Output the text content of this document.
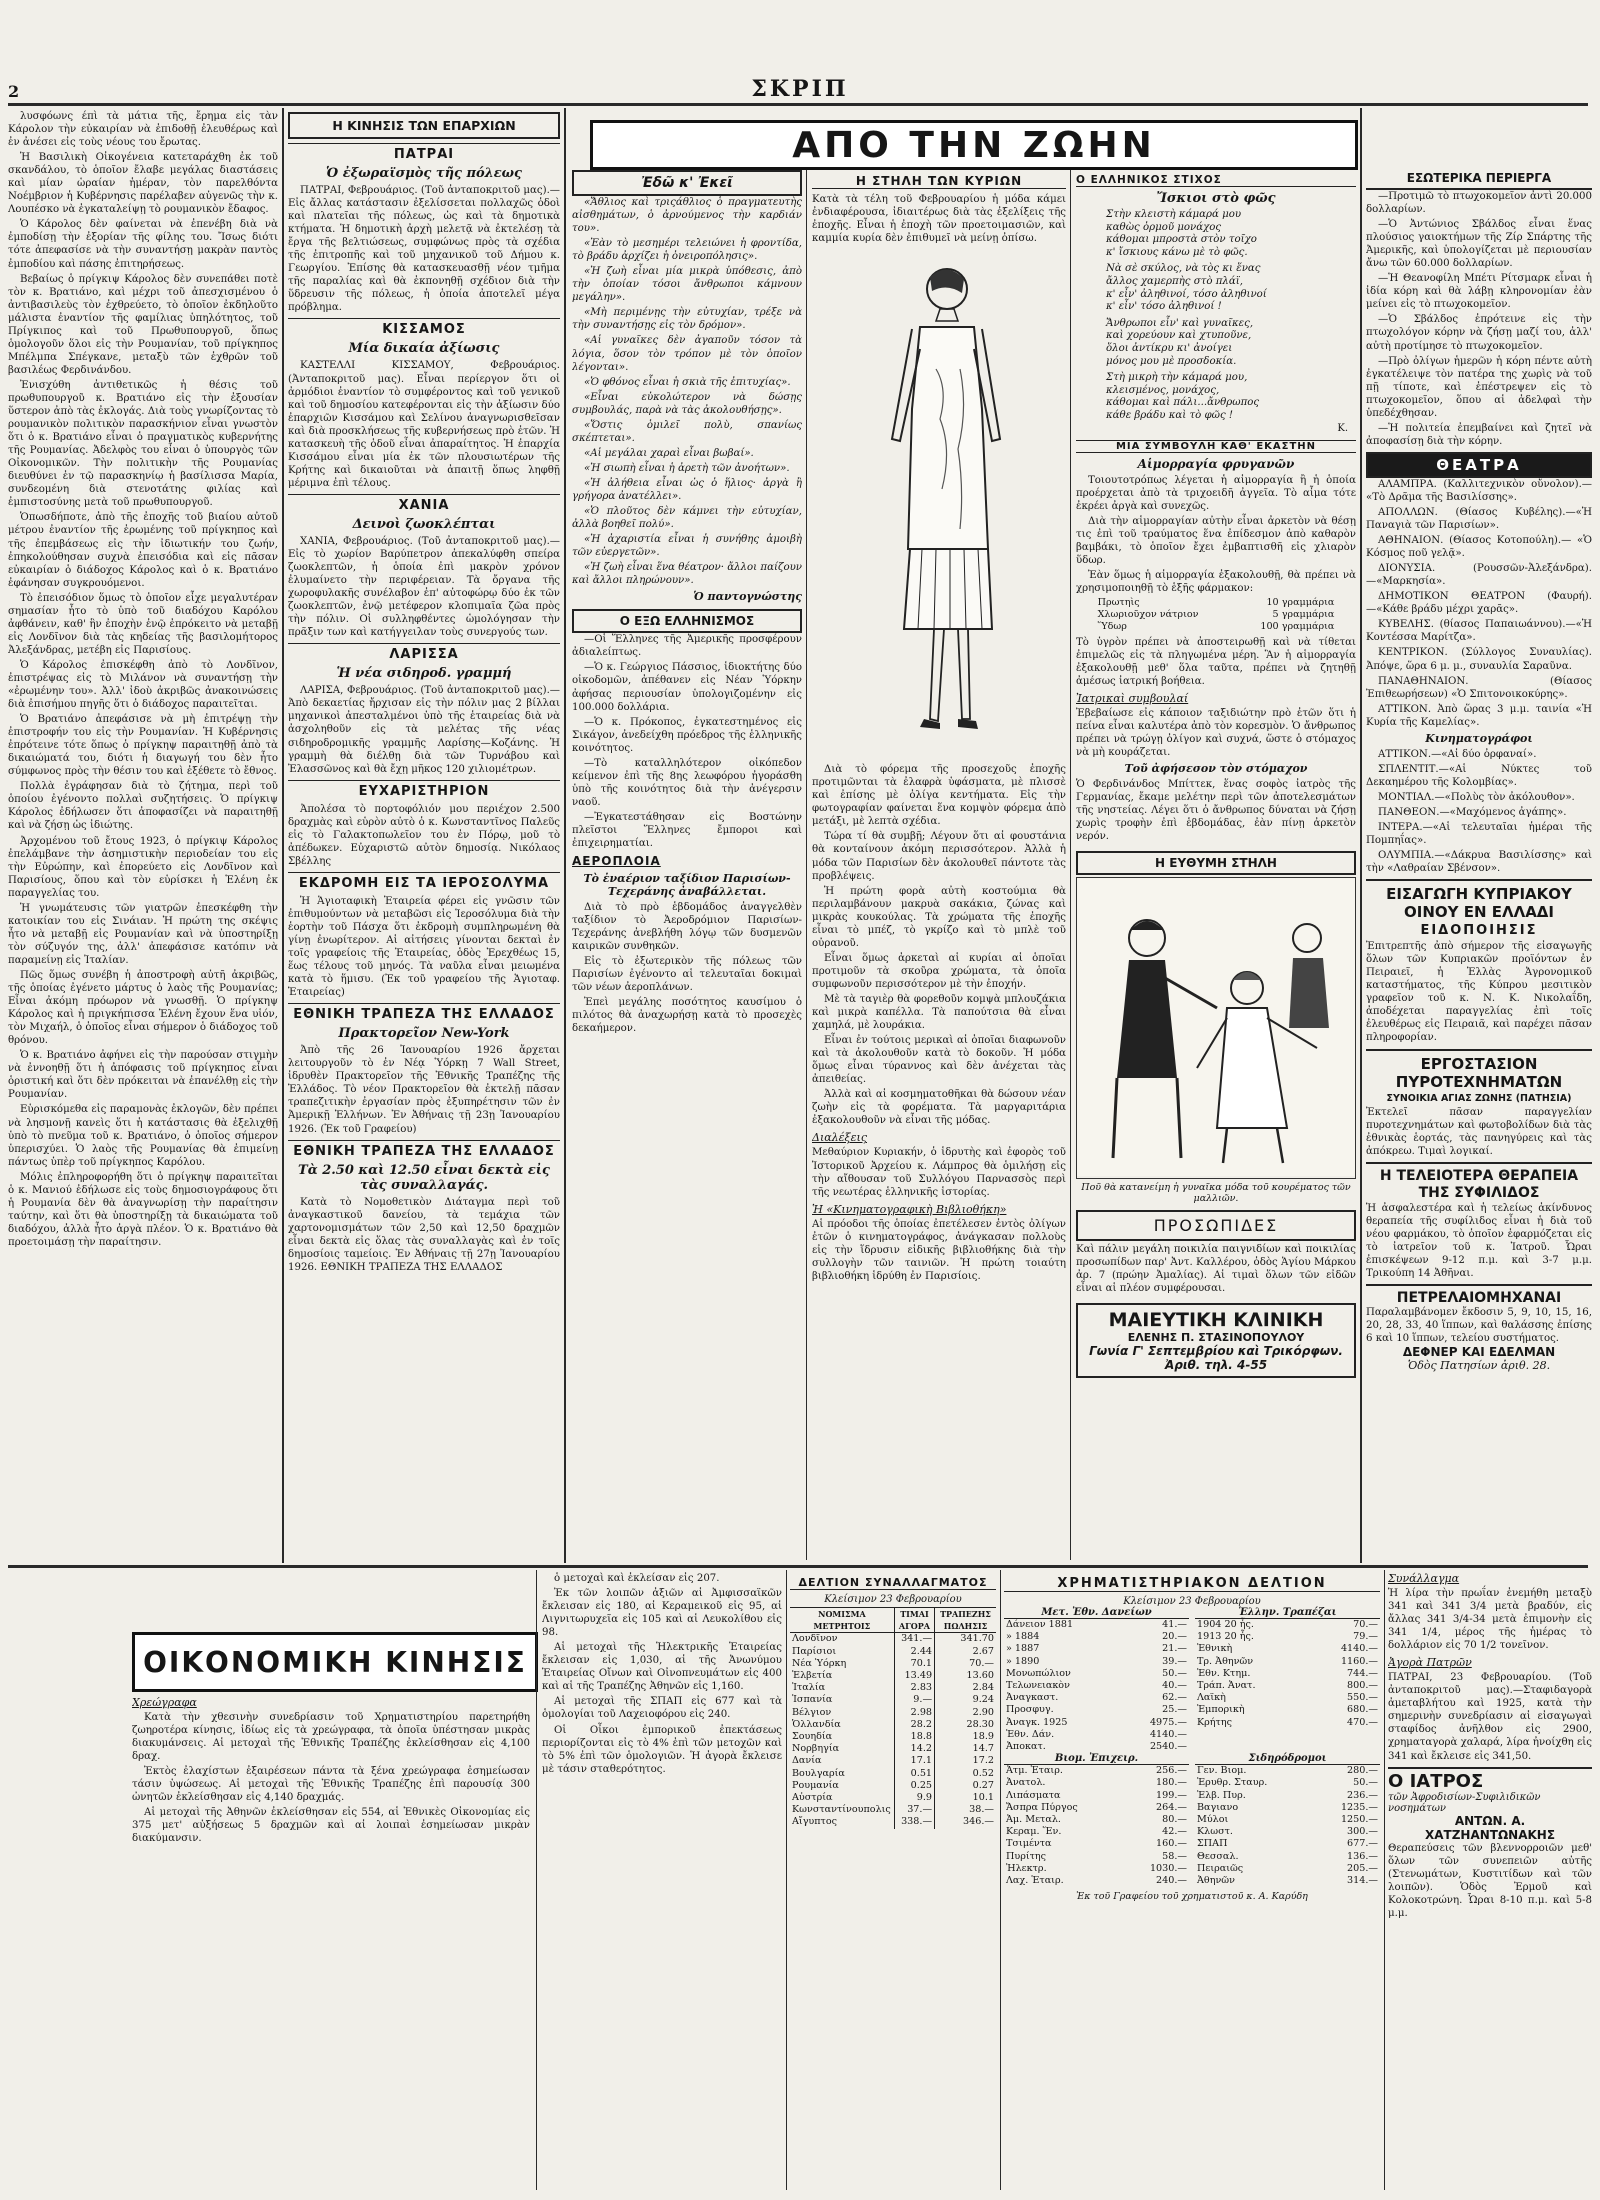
2	ΣΚΡΙΠ

λυσφόωνς έπὶ τὰ μάτια τῆς, ἔρημα εἰς τὰν Κάρολον τὴν εὐκαιρίαν νὰ ἐπιδοθῇ ἐλευθέρως καὶ ἐν ἀνέσει εἰς τοὺς νέους του ἔρωτας.

Ἡ Βασιλικὴ Οἰκογένεια κατεταράχθη ἐκ τοῦ σκανδάλου, τὸ ὁποῖον ἔλαβε μεγάλας διαστάσεις καὶ μίαν ὡραίαν ἡμέραν, τὸν παρελθόντα Νοέμβριον ἡ Κυβέρνησις παρέλαβεν αὐγενῶς τὴν κ. Λουπέσκο νὰ ἐγκαταλείψῃ τὸ ρουμανικὸν ἔδαφος.

Ὁ Κάρολος δὲν φαίνεται νὰ ἐπενέβη διὰ νὰ ἐμποδίσῃ τὴν ἐξορίαν τῆς φίλης του. Ἴσως διότι τότε ἀπεφασίσε νὰ τὴν συναντήσῃ μακρὰν παντὸς ἐμποδίου καὶ πάσης ἐπιτηρήσεως.

Βεβαίως ὁ πρίγκιψ Κάρολος δὲν συνεπάθει ποτὲ τὸν κ. Βρατιάνο, καὶ μέχρι τοῦ ἀπεσχισμένου ὁ ἀντιβασιλεὺς τὸν ἐχθρεύετο, τὸ ὁποῖον ἐκδηλοῦτο μάλιστα ἐναντίον τῆς φαμίλιας ὑπηλότητος, τοῦ Πρίγκιπος καὶ τοῦ Πρωθυπουργοῦ, ὅπως ὁμολογοῦν ὅλοι εἰς τὴν Ρουμανίαν, τοῦ πρίγκηπος Μπέλμπα Σπέγκανε, μεταξὺ τῶν ἐχθρῶν τοῦ βασιλέως Φερδινάνδου.

Ἐνισχύθη ἀντιθετικῶς ἡ θέσις τοῦ πρωθυπουργοῦ κ. Βρατιάνο εἰς τὴν ἐξουσίαν ὕστερον ἀπὸ τὰς ἐκλογάς. Διὰ τοὺς γνωρίζοντας τὸ ρουμανικὸν πολιτικὸν παρασκήνιον εἶναι γνωστὸν ὅτι ὁ κ. Βρατιάνο εἶναι ὁ πραγματικὸς κυβερνήτης τῆς Ρουμανίας. Ἀδελφὸς του εἶναι ὁ ὑπουργὸς τῶν Οἰκονομικῶν. Τὴν πολιτικὴν τῆς Ρουμανίας διευθύνει ἐν τῷ παρασκηνίῳ ἡ βασίλισσα Μαρία, συνδεομένη διὰ στενοτάτης φιλίας καὶ ἐμπιστοσύνης μετὰ τοῦ πρωθυπουργοῦ.

Ὁπωσδήποτε, ἀπὸ τῆς ἐποχῆς τοῦ βιαίου αὐτοῦ μέτρου ἐναντίον τῆς ἐρωμένης τοῦ πρίγκηπος καὶ τῆς ἐπεμβάσεως εἰς τὴν ἰδιωτικήν του ζωήν, ἐπηκολούθησαν συχνὰ ἐπεισόδια καὶ εἰς πᾶσαν εὐκαιρίαν ὁ διάδοχος Κάρολος καὶ ὁ κ. Βρατιάνο ἐφάνησαν συγκρουόμενοι.

Τὸ ἐπεισόδιον ὅμως τὸ ὁποῖον εἶχε μεγαλυτέραν σημασίαν ἦτο τὸ ὑπὸ τοῦ διαδόχου Καρόλου ἀφθάνειν, καθ' ἣν ἐποχὴν ἐνῷ ἐπρόκειτο νὰ μεταβῇ εἰς Λονδῖνον διὰ τὰς κηδείας τῆς βασιλομήτορος Ἀλεξάνδρας, μετέβη εἰς Παρισίους.

Ὁ Κάρολος ἐπισκέφθη ἀπὸ τὸ Λονδῖνον, ἐπιστρέψας εἰς τὸ Μιλάνον νὰ συναντήσῃ τὴν «ἐρωμένην του». Ἀλλ' ἰδοὺ ἀκριβῶς ἀνακοινώσεις διὰ ἐπισήμου πηγῆς ὅτι ὁ διάδοχος παραιτεῖται.

Ὁ Βρατιάνο ἀπεφάσισε νὰ μὴ ἐπιτρέψῃ τὴν ἐπιστροφήν του εἰς τὴν Ρουμανίαν. Ἡ Κυβέρνησις ἐπρότεινε τότε ὅπως ὁ πρίγκηψ παραιτηθῇ ἀπὸ τὰ δικαιώματά του, διότι ἡ διαγωγή του δὲν ἦτο σύμφωνος πρὸς τὴν θέσιν του καὶ ἐξέθετε τὸ ἔθνος.

Πολλὰ ἐγράφησαν διὰ τὸ ζήτημα, περὶ τοῦ ὁποίου ἐγένοντο πολλαὶ συζητήσεις. Ὁ πρίγκιψ Κάρολος ἐδήλωσεν ὅτι ἀποφασίζει νὰ παραιτηθῇ καὶ νὰ ζήσῃ ὡς ἰδιώτης.

Ἀρχομένου τοῦ ἔτους 1923, ὁ πρίγκιψ Κάρολος ἐπελάμβανε τὴν ἀσημιστικὴν περιοδείαν του εἰς τὴν Εὐρώπην, καὶ ἐπορεύετο εἰς Λονδῖνον καὶ Παρισίους, ὅπου καὶ τὸν εὑρίσκει ἡ Ἑλένη ἐκ παραγγελίας του.

Ἡ γνωμάτευσις τῶν γιατρῶν ἐπεσκέφθη τὴν κατοικίαν του εἰς Σινάιαν. Ἡ πρώτη της σκέψις ἦτο νὰ μεταβῇ εἰς Ρουμανίαν καὶ νὰ ὑποστηρίξῃ τὸν σύζυγόν της, ἀλλ' ἀπεφάσισε κατόπιν νὰ παραμείνῃ εἰς Ἰταλίαν.

Πῶς ὅμως συνέβη ἡ ἀποστροφὴ αὐτῆ ἀκριβῶς, τῆς ὁποίας ἐγένετο μάρτυς ὁ λαὸς τῆς Ρουμανίας; Εἶναι ἀκόμη πρόωρον νὰ γνωσθῇ. Ὁ πρίγκηψ Κάρολος καὶ ἡ πριγκήπισσα Ἑλένη ἔχουν ἕνα υἱόν, τὸν Μιχαήλ, ὁ ὁποῖος εἶναι σήμερον ὁ διάδοχος τοῦ θρόνου.

Ὁ κ. Βρατιάνο ἀφήνει εἰς τὴν παρούσαν στιγμὴν νὰ ἐννοηθῇ ὅτι ἡ ἀπόφασις τοῦ πρίγκηπος εἶναι ὁριστική καὶ ὅτι δὲν πρόκειται νὰ ἐπανέλθῃ εἰς τὴν Ρουμανίαν.

Εὑρισκόμεθα εἰς παραμονὰς ἐκλογῶν, δὲν πρέπει νὰ λησμονῇ κανεὶς ὅτι ἡ κατάστασις θὰ ἐξελιχθῇ ὑπὸ τὸ πνεῦμα τοῦ κ. Βρατιάνο, ὁ ὁποῖος σήμερον ὑπερισχύει. Ὁ λαὸς τῆς Ρουμανίας θὰ ἐπιμείνῃ πάντως ὑπὲρ τοῦ πρίγκηπος Καρόλου.

Μόλις ἐπληροφορήθη ὅτι ὁ πρίγκηψ παραιτεῖται ὁ κ. Μανιού ἐδήλωσε εἰς τοὺς δημοσιογράφους ὅτι ἡ Ρουμανία δὲν θὰ ἀναγνωρίσῃ τὴν παραίτησιν ταύτην, καὶ ὅτι θὰ ὑποστηρίξῃ τὰ δικαιώματα τοῦ διαδόχου, ἀλλὰ ἦτο ἀργὰ πλέον. Ὁ κ. Βρατιάνο θὰ προετοιμάσῃ τὴν παραίτησιν.

Η ΚΙΝΗΣΙΣ ΤΩΝ ΕΠΑΡΧΙΩΝ
ΠΑΤΡΑΙ
Ὁ ἐξωραϊσμὸς τῆς πόλεως

ΠΑΤΡΑΙ, Φεβρουάριος. (Τοῦ ἀνταποκριτοῦ μας).—Εἰς ἄλλας κατάστασιν ἐξελίσσεται πολλαχῶς ὁδοὶ καὶ πλατεῖαι τῆς πόλεως, ὡς καὶ τὰ δημοτικὰ κτήματα. Ἡ δημοτικὴ ἀρχὴ μελετᾷ νὰ ἐκτελέσῃ τὰ ἔργα τῆς βελτιώσεως, συμφώνως πρὸς τὰ σχέδια τῆς ἐπιτροπῆς καὶ τοῦ μηχανικοῦ τοῦ Δήμου κ. Γεωργίου. Ἐπίσης θὰ κατασκευασθῇ νέον τμῆμα τῆς παραλίας καὶ θὰ ἐκπονηθῇ σχέδιον διὰ τὴν ὕδρευσιν τῆς πόλεως, ἡ ὁποία ἀποτελεῖ μέγα πρόβλημα.

ΚΙΣΣΑΜΟΣ
Μία δικαία ἀξίωσις

ΚΑΣΤΕΛΛΙ ΚΙΣΣΑΜΟΥ, Φεβρουάριος. (Ἀνταποκριτοῦ μας). Εἶναι περίεργον ὅτι οἱ ἀρμόδιοι ἐναντίον τὸ συμφέροντος καὶ τοῦ γενικοῦ καὶ τοῦ δημοσίου κατεφέρονται εἰς τὴν ἀξίωσιν δύο ἐπαρχιῶν Κισσάμου καὶ Σελίνου ἀναγνωρισθεῖσαν καὶ διὰ προσκλήσεως τῆς κυβερνήσεως πρὸ ἐτῶν. Ἡ κατασκευὴ τῆς ὁδοῦ εἶναι ἀπαραίτητος. Ἡ ἐπαρχία Κισσάμου εἶναι μία ἐκ τῶν πλουσιωτέρων τῆς Κρήτης καὶ δικαιοῦται νὰ ἀπαιτῇ ὅπως ληφθῇ μέριμνα ἐπὶ τέλους.

ΧΑΝΙΑ
Δεινοὶ ζωοκλέπται

ΧΑΝΙΑ, Φεβρουάριος. (Τοῦ ἀνταποκριτοῦ μας).—Εἰς τὸ χωρίον Βαρύπετρον ἀπεκαλύφθη σπείρα ζωοκλεπτῶν, ἡ ὁποία ἐπὶ μακρὸν χρόνον ἐλυμαίνετο τὴν περιφέρειαν. Τὰ ὄργανα τῆς χωροφυλακῆς συνέλαβον ἐπ' αὐτοφώρῳ δύο ἐκ τῶν ζωοκλεπτῶν, ἐνῷ μετέφερον κλοπιμαῖα ζῶα πρὸς τὴν πόλιν. Οἱ συλληφθέντες ὡμολόγησαν τὴν πρᾶξιν των καὶ κατήγγειλαν τοὺς συνεργούς των.

ΛΑΡΙΣΣΑ
Ἡ νέα σιδηροδ. γραμμή

ΛΑΡΙΣΑ, Φεβρουάριος. (Τοῦ ἀνταποκριτοῦ μας).—Ἀπὸ δεκαετίας ἤρχισαν εἰς τὴν πόλιν μας 2 βίλλαι μηχανικοὶ ἀπεσταλμένοι ὑπὸ τῆς ἑταιρείας διὰ νὰ ἀσχοληθοῦν εἰς τὰ μελέτας τῆς νέας σιδηροδρομικῆς γραμμῆς Λαρίσης—Κοζάνης. Ἡ γραμμὴ θὰ διέλθῃ διὰ τῶν Τυρνάβου καὶ Ἐλασσῶνος καὶ θὰ ἔχῃ μῆκος 120 χιλιομέτρων.

ΕΥΧΑΡΙΣΤΗΡΙΟΝ

Ἀπολέσα τὸ πορτοφόλιόν μου περιέχον 2.500 δραχμὰς καὶ εὑρὸν αὐτὸ ὁ κ. Κωνσταντῖνος Παλεῦς εἰς τὸ Γαλακτοπωλεῖον του ἐν Πόρῳ, μοῦ τὸ ἀπέδωκεν. Εὐχαριστῶ αὐτὸν δημοσίᾳ. Νικόλαος Σβέλλης

ΕΚΔΡΟΜΗ ΕΙΣ ΤΑ ΙΕΡΟΣΟΛΥΜΑ

Ἡ Ἁγιοταφικὴ Ἑταιρεία φέρει εἰς γνῶσιν τῶν ἐπιθυμούντων νὰ μεταβῶσι εἰς Ἱεροσόλυμα διὰ τὴν ἑορτὴν τοῦ Πάσχα ὅτι ἐκδρομὴ συμπληρωμένη θὰ γίνῃ ἐνωρίτερον. Αἱ αἰτήσεις γίνονται δεκταὶ ἐν τοῖς γραφείοις τῆς Ἑταιρείας, ὁδὸς Ἐρεχθέως 15, ἕως τέλους τοῦ μηνός. Τὰ ναῦλα εἶναι μειωμένα κατὰ τὸ ἥμισυ. (Ἐκ τοῦ γραφείου τῆς Ἁγιοταφ. Ἑταιρείας)

ΕΘΝΙΚΗ ΤΡΑΠΕΖΑ ΤΗΣ ΕΛΛΑΔΟΣ
Πρακτορεῖον New-York

Ἀπὸ τῆς 26 Ἰανουαρίου 1926 ἄρχεται λειτουργοῦν τὸ ἐν Νέᾳ Ὑόρκῃ 7 Wall Street, ἱδρυθὲν Πρακτορεῖον τῆς Ἐθνικῆς Τραπέζης τῆς Ἑλλάδος. Τὸ νέον Πρακτορεῖον θὰ ἐκτελῇ πᾶσαν τραπεζιτικὴν ἐργασίαν πρὸς ἐξυπηρέτησιν τῶν ἐν Ἀμερικῇ Ἑλλήνων. Ἐν Ἀθήναις τῇ 23ῃ Ἰανουαρίου 1926. (Ἐκ τοῦ Γραφείου)

ΕΘΝΙΚΗ ΤΡΑΠΕΖΑ ΤΗΣ ΕΛΛΑΔΟΣ
Τὰ 2.50 καὶ 12.50 εἶναι δεκτὰ εἰς τὰς συναλλαγάς.

Κατὰ τὸ Νομοθετικὸν Διάταγμα περὶ τοῦ ἀναγκαστικοῦ δανείου, τὰ τεμάχια τῶν χαρτονομισμάτων τῶν 2,50 καὶ 12,50 δραχμῶν εἶναι δεκτὰ εἰς ὅλας τὰς συναλλαγὰς καὶ ἐν τοῖς δημοσίοις ταμείοις. Ἐν Ἀθήναις τῇ 27ῃ Ἰανουαρίου 1926. ΕΘΝΙΚΗ ΤΡΑΠΕΖΑ ΤΗΣ ΕΛΛΑΔΟΣ

Ἐδῶ κ' Ἐκεῖ

«Ἄθλιος καὶ τριςάθλιος ὁ πραγματευτὴς αἰσθημάτων, ὁ ἀρνούμενος τὴν καρδιάν του».

«Ἐὰν τὸ μεσημέρι τελειώνει ἡ φροντίδα, τὸ βράδυ ἀρχίζει ἡ ὀνειροπόλησις».

«Ἡ ζωὴ εἶναι μία μικρὰ ὑπόθεσις, ἀπὸ τὴν ὁποίαν τόσοι ἄνθρωποι κάμνουν μεγάλην».

«Μὴ περιμένῃς τὴν εὐτυχίαν, τρέξε νὰ τὴν συναντήσῃς εἰς τὸν δρόμον».

«Αἱ γυναῖκες δὲν ἀγαποῦν τόσον τὰ λόγια, ὅσον τὸν τρόπον μὲ τὸν ὁποῖον λέγονται».

«Ὁ φθόνος εἶναι ἡ σκιὰ τῆς ἐπιτυχίας».

«Εἶναι εὐκολώτερον νὰ δώσῃς συμβουλάς, παρὰ νὰ τὰς ἀκολουθήσῃς».

«Ὅστις ὁμιλεῖ πολὺ, σπανίως σκέπτεται».

«Αἱ μεγάλαι χαραὶ εἶναι βωβαί».

«Ἡ σιωπὴ εἶναι ἡ ἀρετὴ τῶν ἀνοήτων».

«Ἡ ἀλήθεια εἶναι ὡς ὁ ἥλιος· ἀργὰ ἢ γρήγορα ἀνατέλλει».

«Ὁ πλοῦτος δὲν κάμνει τὴν εὐτυχίαν, ἀλλὰ βοηθεῖ πολύ».

«Ἡ ἀχαριστία εἶναι ἡ συνήθης ἀμοιβὴ τῶν εὐεργετῶν».

«Ἡ ζωὴ εἶναι ἕνα θέατρον· ἄλλοι παίζουν καὶ ἄλλοι πληρώνουν».

Ὁ παντογνώστης
Ο ΕΞΩ ΕΛΛΗΝΙΣΜΟΣ

—Οἱ Ἕλληνες τῆς Ἀμερικῆς προσφέρουν ἀδιαλείπτως.

—Ὁ κ. Γεώργιος Πάσσιος, ἱδιοκτήτης δύο οἰκοδομῶν, ἀπέθανεν εἰς Νέαν Ὑόρκην ἀφήσας περιουσίαν ὑπολογιζομένην εἰς 100.000 δολλάρια.

—Ὁ κ. Πρόκοπος, ἐγκατεστημένος εἰς Σικάγον, ἀνεδείχθη πρόεδρος τῆς ἑλληνικῆς κοινότητος.

—Τὸ καταλληλότερον οἰκόπεδον κείμενον ἐπὶ τῆς 8ης λεωφόρου ἠγοράσθη ὑπὸ τῆς κοινότητος διὰ τὴν ἀνέγερσιν ναοῦ.

—Ἐγκατεστάθησαν εἰς Βοστώνην πλεῖστοι Ἕλληνες ἔμποροι καὶ ἐπιχειρηματίαι.

ΑΕΡΟΠΛΟΙΑ
Τὸ ἐναέριον ταξίδιον Παρισίων-Τεχεράνης ἀναβάλλεται.

Διὰ τὸ πρὸ ἑβδομάδος ἀναγγελθὲν ταξίδιον τὸ Ἀεροδρόμιον Παρισίων-Τεχεράνης ἀνεβλήθη λόγῳ τῶν δυσμενῶν καιρικῶν συνθηκῶν.

Εἰς τὸ ἐξωτερικὸν τῆς πόλεως τῶν Παρισίων ἐγένοντο αἱ τελευταῖαι δοκιμαὶ τῶν νέων ἀεροπλάνων.

Ἐπεὶ μεγάλης ποσότητος καυσίμου ὁ πιλότος θὰ ἀναχωρήσῃ κατὰ τὸ προσεχὲς δεκαήμερον.

ΑΠΟ ΤΗΝ ΖΩΗΝ
Η ΣΤΗΛΗ ΤΩΝ ΚΥΡΙΩΝ
Κατὰ τὰ τέλη τοῦ Φεβρουαρίου ἡ μόδα κάμει ἐνδιαφέρουσα, ἰδιαιτέρως διὰ τὰς ἐξελίξεις τῆς ἐποχῆς. Εἶναι ἡ ἐποχὴ τῶν προετοιμασιῶν, καὶ καμμία κυρία δὲν ἐπιθυμεῖ νὰ μείνῃ ὀπίσω.

Διὰ τὸ φόρεμα τῆς προσεχοῦς ἐποχῆς προτιμῶνται τὰ ἐλαφρὰ ὑφάσματα, μὲ πλισσὲ καὶ ἐπίσης μὲ ὀλίγα κεντήματα. Εἰς τὴν φωτογραφίαν φαίνεται ἕνα κομψὸν φόρεμα ἀπὸ μετάξι, μὲ λεπτὰ σχέδια.

Τώρα τί θὰ συμβῇ; Λέγουν ὅτι αἱ φουστάνια θὰ κονταίνουν ἀκόμη περισσότερον. Ἀλλὰ ἡ μόδα τῶν Παρισίων δὲν ἀκολουθεῖ πάντοτε τὰς προβλέψεις.

Ἡ πρώτη φορὰ αὐτὴ κοστούμια θὰ περιλαμβάνουν μακρυὰ σακάκια, ζώνας καὶ μικρὰς κουκούλας. Τὰ χρώματα τῆς ἐποχῆς εἶναι τὸ μπέζ, τὸ γκρίζο καὶ τὸ μπλὲ τοῦ οὐρανοῦ.

Εἶναι ὅμως ἀρκεταὶ αἱ κυρίαι αἱ ὁποῖαι προτιμοῦν τὰ σκοῦρα χρώματα, τὰ ὁποῖα συμφωνοῦν περισσότερον μὲ τὴν ἐποχήν.

Μὲ τὰ ταγιὲρ θὰ φορεθοῦν κομψὰ μπλουζάκια καὶ μικρὰ καπέλλα. Τὰ παπούτσια θὰ εἶναι χαμηλά, μὲ λουράκια.

Εἶναι ἐν τούτοις μερικαὶ αἱ ὁποῖαι διαφωνοῦν καὶ τὰ ἀκολουθοῦν κατὰ τὸ δοκοῦν. Ἡ μόδα ὅμως εἶναι τύραννος καὶ δὲν ἀνέχεται τὰς ἀπειθείας.

Ἀλλὰ καὶ αἱ κοσμηματοθῆκαι θὰ δώσουν νέαν ζωὴν εἰς τὰ φορέματα. Τὰ μαργαριτάρια ἐξακολουθοῦν νὰ εἶναι τῆς μόδας.

Διαλέξεις
Μεθαύριον Κυριακήν, ὁ ἱδρυτὴς καὶ ἐφορὸς τοῦ Ἱστορικοῦ Ἀρχείου κ. Λάμπρος θὰ ὁμιλήσῃ εἰς τὴν αἴθουσαν τοῦ Συλλόγου Παρνασσὸς περὶ τῆς νεωτέρας ἑλληνικῆς ἱστορίας.
Ἡ «Κινηματογραφικὴ Βιβλιοθήκη»
Αἱ πρόοδοι τῆς ὁποίας ἐπετέλεσεν ἐντὸς ὀλίγων ἐτῶν ὁ κινηματογράφος, ἀνάγκασαν πολλοὺς εἰς τὴν ἵδρυσιν εἰδικῆς βιβλιοθήκης διὰ τὴν συλλογὴν τῶν ταινιῶν. Ἡ πρώτη τοιαύτη βιβλιοθήκη ἱδρύθη ἐν Παρισίοις.
Ο ΕΛΛΗΝΙΚΟΣ ΣΤΙΧΟΣ
Ἴσκιοι στὸ φῶς
Στὴν κλειστὴ κάμαρά μου
καθὼς ὁρμοῦ μονάχος
κάθομαι μπροστὰ στὸν τοῖχο
κ' ἴσκιους κάνω μὲ τὸ φῶς.
Νὰ σὲ σκύλος, νὰ τὸς κι ἕνας
ἄλλος χαμερπὴς στὸ πλάϊ,
κ' εἶν' ἀληθινοί, τόσο ἀληθινοί
κ' εἶν' τόσο ἀληθινοί !
Ἄνθρωποι εἶν' καὶ γυναῖκες,
καὶ χορεύουν καὶ χτυποῦνε,
ὅλοι ἀντίκρυ κι' ἀνοίγει
μόνος μου μὲ προσδοκία.
Στὴ μικρὴ τὴν κάμαρά μου,
κλεισμένος, μονάχος,
κάθομαι καὶ πάλι...ἄνθρωπος
κάθε βράδυ καὶ τὸ φῶς !
Κ.
ΜΙΑ ΣΥΜΒΟΥΛΗ ΚΑΘ' ΕΚΑΣΤΗΝ
Αἱμορραγία φρυγανῶν

Τοιουτοτρόπως λέγεται ἡ αἱμορραγία ἢ ἡ ὁποία προέρχεται ἀπὸ τὰ τριχοειδῆ ἀγγεῖα. Τὸ αἷμα τότε ἐκρέει ἀργὰ καὶ συνεχῶς.

Διὰ τὴν αἱμορραγίαν αὐτὴν εἶναι ἀρκετὸν νὰ θέσῃ τις ἐπὶ τοῦ τραύματος ἕνα ἐπίδεσμον ἀπὸ καθαρὸν βαμβάκι, τὸ ὁποῖον ἔχει ἐμβαπτισθῆ εἰς χλιαρὸν ὕδωρ.

Ἐὰν ὅμως ἡ αἱμορραγία ἐξακολουθῇ, θὰ πρέπει νὰ χρησιμοποιηθῇ τὸ ἑξῆς φάρμακον:

Πρωτηὶς	10 γραμμάρια
Χλωριοῦχον νάτριον	5 γραμμάρια
Ὕδωρ	100 γραμμάρια
Τὸ ὑγρὸν πρέπει νὰ ἀποστειρωθῇ καὶ νὰ τίθεται ἐπιμελῶς εἰς τὰ πληγωμένα μέρη. Ἂν ἡ αἱμορραγία ἐξακολουθῇ μεθ' ὅλα ταῦτα, πρέπει νὰ ζητηθῇ ἀμέσως ἰατρική βοήθεια.
Ἰατρικαὶ συμβουλαί
Ἐβεβαίωσε εἰς κάποιον ταξιδιώτην πρὸ ἐτῶν ὅτι ἡ πείνα εἶναι καλυτέρα ἀπὸ τὸν κορεσμὸν. Ὁ ἄνθρωπος πρέπει νὰ τρώγῃ ὀλίγον καὶ συχνά, ὥστε ὁ στόμαχος νὰ μὴ κουράζεται.
Τοῦ ἀφήσεσον τὸν στόμαχον
Ὁ Φερδινάνδος Μπίττεκ, ἕνας σοφὸς ἰατρὸς τῆς Γερμανίας, ἔκαμε μελέτην περὶ τῶν ἀποτελεσμάτων τῆς νηστείας. Λέγει ὅτι ὁ ἄνθρωπος δύναται νὰ ζήσῃ χωρὶς τροφὴν ἐπὶ ἑβδομάδας, ἐὰν πίνῃ ἀρκετὸν νερόν.
Η ΕΥΘΥΜΗ ΣΤΗΛΗ
Ποῦ θὰ κατανείμη ἡ γυναῖκα μόδα τοῦ κουρέματος τῶν μαλλιῶν.
ΠΡΟΣΩΠΙΔΕΣ
Καὶ πάλιν μεγάλη ποικιλία παιγνιδίων καὶ ποικιλίας προσωπίδων παρ' Ἀντ. Καλλέρου, ὁδὸς Ἁγίου Μάρκου ἀρ. 7 (πρώην Ἀμαλίας). Αἱ τιμαὶ ὅλων τῶν εἰδῶν εἶναι αἱ πλέον συμφέρουσαι.
ΜΑΙΕΥΤΙΚΗ ΚΛΙΝΙΚΗ
ΕΛΕΝΗΣ Π. ΣΤΑΣΙΝΟΠΟΥΛΟΥ
Γωνία Γ' Σεπτεμβρίου καὶ Τρικόρφων. Ἀριθ. τηλ. 4-55
ΕΣΩΤΕΡΙΚΑ ΠΕΡΙΕΡΓΑ

—Προτιμῶ τὸ πτωχοκομεῖον ἀντὶ 20.000 δολλαρίων.

—Ὁ Ἀντώνιος Σβάλδος εἶναι ἕνας πλούσιος γαιοκτήμων τῆς Ζίρ Σπάρτης τῆς Ἀμερικῆς, καὶ ὑπολογίζεται μὲ περιουσίαν ἄνω τῶν 60.000 δολλαρίων.

—Ἡ Θεανοφίλη Μπέτι Ρίτσμαρκ εἶναι ἡ ἰδία κόρη καὶ θὰ λάβῃ κληρονομίαν ἐὰν μείνει εἰς τὸ πτωχοκομεῖον.

—Ὁ Σβάλδος ἐπρότεινε εἰς τὴν πτωχολόγον κόρην νὰ ζήσῃ μαζί του, ἀλλ' αὐτὴ προτίμησε τὸ πτωχοκομεῖον.

—Πρὸ ὀλίγων ἡμερῶν ἡ κόρη πέντε αὐτὴ ἐγκατέλειψε τὸν πατέρα της χωρὶς νὰ τοῦ πῇ τίποτε, καὶ ἐπέστρεψεν εἰς τὸ πτωχοκομεῖον, ὅπου αἱ ἀδελφαὶ τὴν ὑπεδέχθησαν.

—Ἡ πολιτεία ἐπεμβαίνει καὶ ζητεῖ νὰ ἀποφασίσῃ διὰ τὴν κόρην.

ΘΕΑΤΡΑ

ΑΛΑΜΠΡΑ. (Καλλιτεχνικὸν οὔνολον).— «Τὸ Δρᾶμα τῆς Βασιλίσσης».

ΑΠΟΛΛΩΝ. (Θίασος Κυβέλης).—«Ἡ Παναγιὰ τῶν Παρισίων».

ΑΘΗΝΑΙΟΝ. (Θίασος Κοτοπούλη).— «Ὁ Κόσμος ποῦ γελᾷ».

ΔΙΟΝΥΣΙΑ. (Ρουσσῶν-Ἀλεξάνδρα).—«Μαρκησία».

ΔΗΜΟΤΙΚΟΝ ΘΕΑΤΡΟΝ (Φαυρή).—«Κάθε βράδυ μέχρι χαρᾶς».

ΚΥΒΕΛΗΣ. (θίασος Παπαιωάννου).—«Ἡ Κοντέσσα Μαρίτζα».

ΚΕΝΤΡΙΚΟΝ. (Σύλλογος Συναυλίας). Ἀπόψε, ὥρα 6 μ. μ., συναυλία Σαραῦνα.

ΠΑΝΑΘΗΝΑΙΟΝ. (Θίασος Ἐπιθεωρήσεων) «Ὁ Σπιτονοικοκύρης».

ΑΤΤΙΚΟΝ. Ἀπὸ ὥρας 3 μ.μ. ταινία «Ἡ Κυρία τῆς Καμελίας».

Κινηματογράφοι

ΑΤΤΙΚΟΝ.—«Αἱ δύο ὀρφαναί».

ΣΠΛΕΝΤΙΤ.—«Αἱ Νύκτες τοῦ Δεκαημέρου τῆς Κολομβίας».

ΜΟΝΤΙΑΛ.—«Πολὺς τὸν ἀκόλουθον».

ΠΑΝΘΕΟΝ.—«Μαχόμενος ἀγάπης».

ΙΝΤΕΡΑ.—«Αἱ τελευταῖαι ἡμέραι τῆς Πομπηΐας».

ΟΛΥΜΠΙΑ.—«Δάκρυα Βασιλίσσης» καὶ τὴν «Λαθραίαν Σβένσον».

ΕΙΣΑΓΩΓΗ ΚΥΠΡΙΑΚΟΥ ΟΙΝΟΥ ΕΝ ΕΛΛΑΔΙ
ΕΙΔΟΠΟΙΗΣΙΣ
Ἐπιτρεπτῆς ἀπὸ σήμερον τῆς εἰσαγωγῆς ὅλων τῶν Κυπριακῶν προϊόντων ἐν Πειραιεῖ, ἡ Ἑλλὰς Ἀγρονομικοῦ καταστήματος, τῆς Κύπρου μεσιτικὸν γραφεῖον τοῦ κ. Ν. Κ. Νικολαΐδη, ἀποδέχεται παραγγελίας ἐπὶ τοῖς ἐλευθέρως εἰς Πειραιᾶ, καὶ παρέχει πᾶσαν πληροφορίαν.
ΕΡΓΟΣΤΑΣΙΟΝ ΠΥΡΟΤΕΧΝΗΜΑΤΩΝ
ΣΥΝΟΙΚΙΑ ΑΓΙΑΣ ΖΩΝΗΣ (ΠΑΤΗΣΙΑ)
Ἐκτελεῖ πᾶσαν παραγγελίαν πυροτεχνημάτων καὶ φωτοβολίδων διὰ τὰς ἐθνικὰς ἑορτάς, τὰς πανηγύρεις καὶ τὰς ἀπόκρεω. Τιμαὶ λογικαί.
Η ΤΕΛΕΙΟΤΕΡΑ ΘΕΡΑΠΕΙΑ ΤΗΣ ΣΥΦΙΛΙΔΟΣ
Ἡ ἀσφαλεστέρα καὶ ἡ τελείως ἀκίνδυνος θεραπεία τῆς συφίλιδος εἶναι ἡ διὰ τοῦ νέου φαρμάκου, τὸ ὁποῖον ἐφαρμόζεται εἰς τὸ ἰατρεῖον τοῦ κ. Ἰατροῦ. Ὧραι ἐπισκέψεων 9-12 π.μ. καὶ 3-7 μ.μ. Τρικούπη 14 Ἀθῆναι.
ΠΕΤΡΕΛΑΙΟΜΗΧΑΝΑΙ
Παραλαμβάνομεν ἔκδοσιν 5, 9, 10, 15, 16, 20, 28, 33, 40 ἵππων, καὶ θαλάσσης ἐπίσης 6 καὶ 10 ἵππων, τελείου συστήματος.
ΔΕΦΝΕΡ ΚΑΙ ΕΔΕΛΜΑΝ
Ὁδὸς Πατησίων ἀριθ. 28.
ΟΙΚΟΝΟΜΙΚΗ ΚΙΝΗΣΙΣ
Χρεώγραφα

Κατὰ τὴν χθεσινὴν συνεδρίασιν τοῦ Χρηματιστηρίου παρετηρήθη ζωηροτέρα κίνησις, ἰδίως εἰς τὰ χρεώγραφα, τὰ ὁποῖα ὑπέστησαν μικρὰς διακυμάνσεις. Αἱ μετοχαὶ τῆς Ἐθνικῆς Τραπέζης ἐκλείσθησαν εἰς 4,100 δραχ.

Ἐκτὸς ἐλαχίστων ἐξαιρέσεων πάντα τὰ ξένα χρεώγραφα ἐσημείωσαν τάσιν ὑψώσεως. Αἱ μετοχαὶ τῆς Ἐθνικῆς Τραπέζης ἐπὶ παρουσίᾳ 300 ὠνητῶν ἐκλείσθησαν εἰς 4,140 δραχμάς.

Αἱ μετοχαὶ τῆς Ἀθηνῶν ἐκλείσθησαν εἰς 554, αἱ Ἐθνικὲς Οἰκονομίας εἰς 375 μετ' αὐξήσεως 5 δραχμῶν καὶ αἱ λοιπαὶ ἐσημείωσαν μικρὰν διακύμανσιν.

ὁ μετοχαὶ καὶ ἐκλείσαν εἰς 207.

Ἐκ τῶν λοιπῶν ἀξιῶν αἱ Ἀμφισσαϊκῶν ἔκλεισαν εἰς 180, αἱ Κεραμεικοῦ εἰς 95, αἱ Λιγνιτωρυχεῖα εἰς 105 καὶ αἱ Λευκολίθου εἰς 98.

Αἱ μετοχαὶ τῆς Ἡλεκτρικῆς Ἑταιρείας ἔκλεισαν εἰς 1,030, αἱ τῆς Ἀνωνύμου Ἑταιρείας Οἴνων καὶ Οἰνοπνευμάτων εἰς 400 καὶ αἱ τῆς Τραπέζης Ἀθηνῶν εἰς 1,160.

Αἱ μετοχαὶ τῆς ΣΠΑΠ εἰς 677 καὶ τὰ ὁμολογίαι τοῦ Λαχειοφόρου εἰς 240.

Οἱ Οἶκοι ἐμπορικοῦ ἐπεκτάσεως περιορίζονται εἰς τὸ 4% ἐπὶ τῶν μετοχῶν καὶ τὸ 5% ἐπὶ τῶν ὁμολογιῶν. Ἡ ἀγορὰ ἔκλεισε μὲ τάσιν σταθερότητος.

ΔΕΛΤΙΟΝ ΣΥΝΑΛΛΑΓΜΑΤΟΣ
Κλείσιμον 23 Φεβρουαρίου
ΝΟΜΙΣΜΑ ΜΕΤΡΗΤΟΙΣ	ΤΙΜΑΙ ΑΓΟΡΑ	ΤΡΑΠΕΖΗΣ ΠΩΛΗΣΙΣ
Λονδῖνον	341.—	341.70
Παρίσιοι	2.44	2.67
Νέα Ὑόρκη	70.1	70.—
Ἑλβετία	13.49	13.60
Ἰταλία	2.83	2.84
Ἱσπανία	9.—	9.24
Βέλγιον	2.98	2.90
Ὁλλανδία	28.2	28.30
Σουηδία	18.8	18.9
Νορβηγία	14.2	14.7
Δανία	17.1	17.2
Βουλγαρία	0.51	0.52
Ρουμανία	0.25	0.27
Αὐστρία	9.9	10.1
Κωνσταντίνουπολις	37.—	38.—
Αἴγυπτος	338.—	346.—
ΧΡΗΜΑΤΙΣΤΗΡΙΑΚΟΝ ΔΕΛΤΙΟΝ
Κλείσιμον 23 Φεβρουαρίου
Μετ. Ἐθν. Δανείων
Δάνειον 1881	41.—
» 1884	20.—
» 1887	21.—
» 1890	39.—
Μονωπώλιον	50.—
Τελωνειακὸν	40.—
Ἀναγκαστ.	62.—
Προσφυγ.	25.—
Ἀναγκ. 1925	4975.—
Ἐθν. Δάν.	4140.—
Ἀποκατ.	2540.—
Ἑλλην. Τραπέζαι
1904 20 ἧς.	70.—
1913 20 ἧς.	79.—
Ἐθνικὴ	4140.—
Τρ. Ἀθηνῶν	1160.—
Ἐθν. Κτημ.	744.—
Τράπ. Ἀνατ.	800.—
Λαϊκὴ	550.—
Ἐμπορικὴ	680.—
Κρήτης	470.—
Βιομ. Ἐπιχειρ.
Ἀτμ. Ἑταιρ.	256.—
Ἀνατολ.	180.—
Λιπάσματα	199.—
Ἄσπρα Πύργος	264.—
Ἀμ. Μεταλ.	80.—
Κεραμ. Ἕν.	42.—
Τσιμέντα	160.—
Πυρίτης	58.—
Ἠλεκτρ.	1030.—
Λαχ. Ἑταιρ.	240.—
Σιδηρόδρομοι
Γεν. Βιομ.	280.—
Ἐρυθρ. Σταυρ.	50.—
Ἐλβ. Πυρ.	236.—
Βαγιανο	1235.—
Μύλοι	1250.—
Κλωστ.	300.—
ΣΠΑΠ	677.—
Θεσσαλ.	136.—
Πειραιῶς	205.—
Ἀθηνῶν	314.—
Ἐκ τοῦ Γραφείου τοῦ χρηματιστοῦ κ. Α. Καρύδη
Συνάλλαγμα
Ἡ λίρα τὴν πρωΐαν ἐνεμήθη μεταξὺ 341 καὶ 341 3/4 μετὰ βραδύν, εἰς ἄλλας 341 3/4-34 μετὰ ἐπιμονὴν εἰς 341 1/4, μέρος τῆς ἡμέρας τὸ δολλάριον εἰς 70 1/2 τονεῖνον.
Ἀγορὰ Πατρῶν
ΠΑΤΡΑΙ, 23 Φεβρουαρίου. (Τοῦ ἀνταποκριτοῦ μας).—Σταφιδαγορὰ ἀμεταβλήτου καὶ 1925, κατὰ τὴν σημερινὴν συνεδρίασιν αἱ εἰσαγωγαὶ σταφίδος ἀνῆλθον εἰς 2900, χρηματαγορὰ χαλαρά, λίρα ἠνοίχθη εἰς 341 καὶ ἔκλεισε εἰς 341,50.
Ο ΙΑΤΡΟΣ
τῶν Ἀφροδισίων-Συφιλιδικῶν νοσημάτων
ΑΝΤΩΝ. Α. ΧΑΤΖΗΑΝΤΩΝΑΚΗΣ
Θεραπεύσεις τῶν βλεννορροιῶν μεθ' ὅλων τῶν συνεπειῶν αὐτῆς (Στενωμάτων, Κυστιτίδων καὶ τῶν λοιπῶν). Ὁδὸς Ἐρμοῦ καὶ Κολοκοτρώνη. Ὧραι 8-10 π.μ. καὶ 5-8 μ.μ.
